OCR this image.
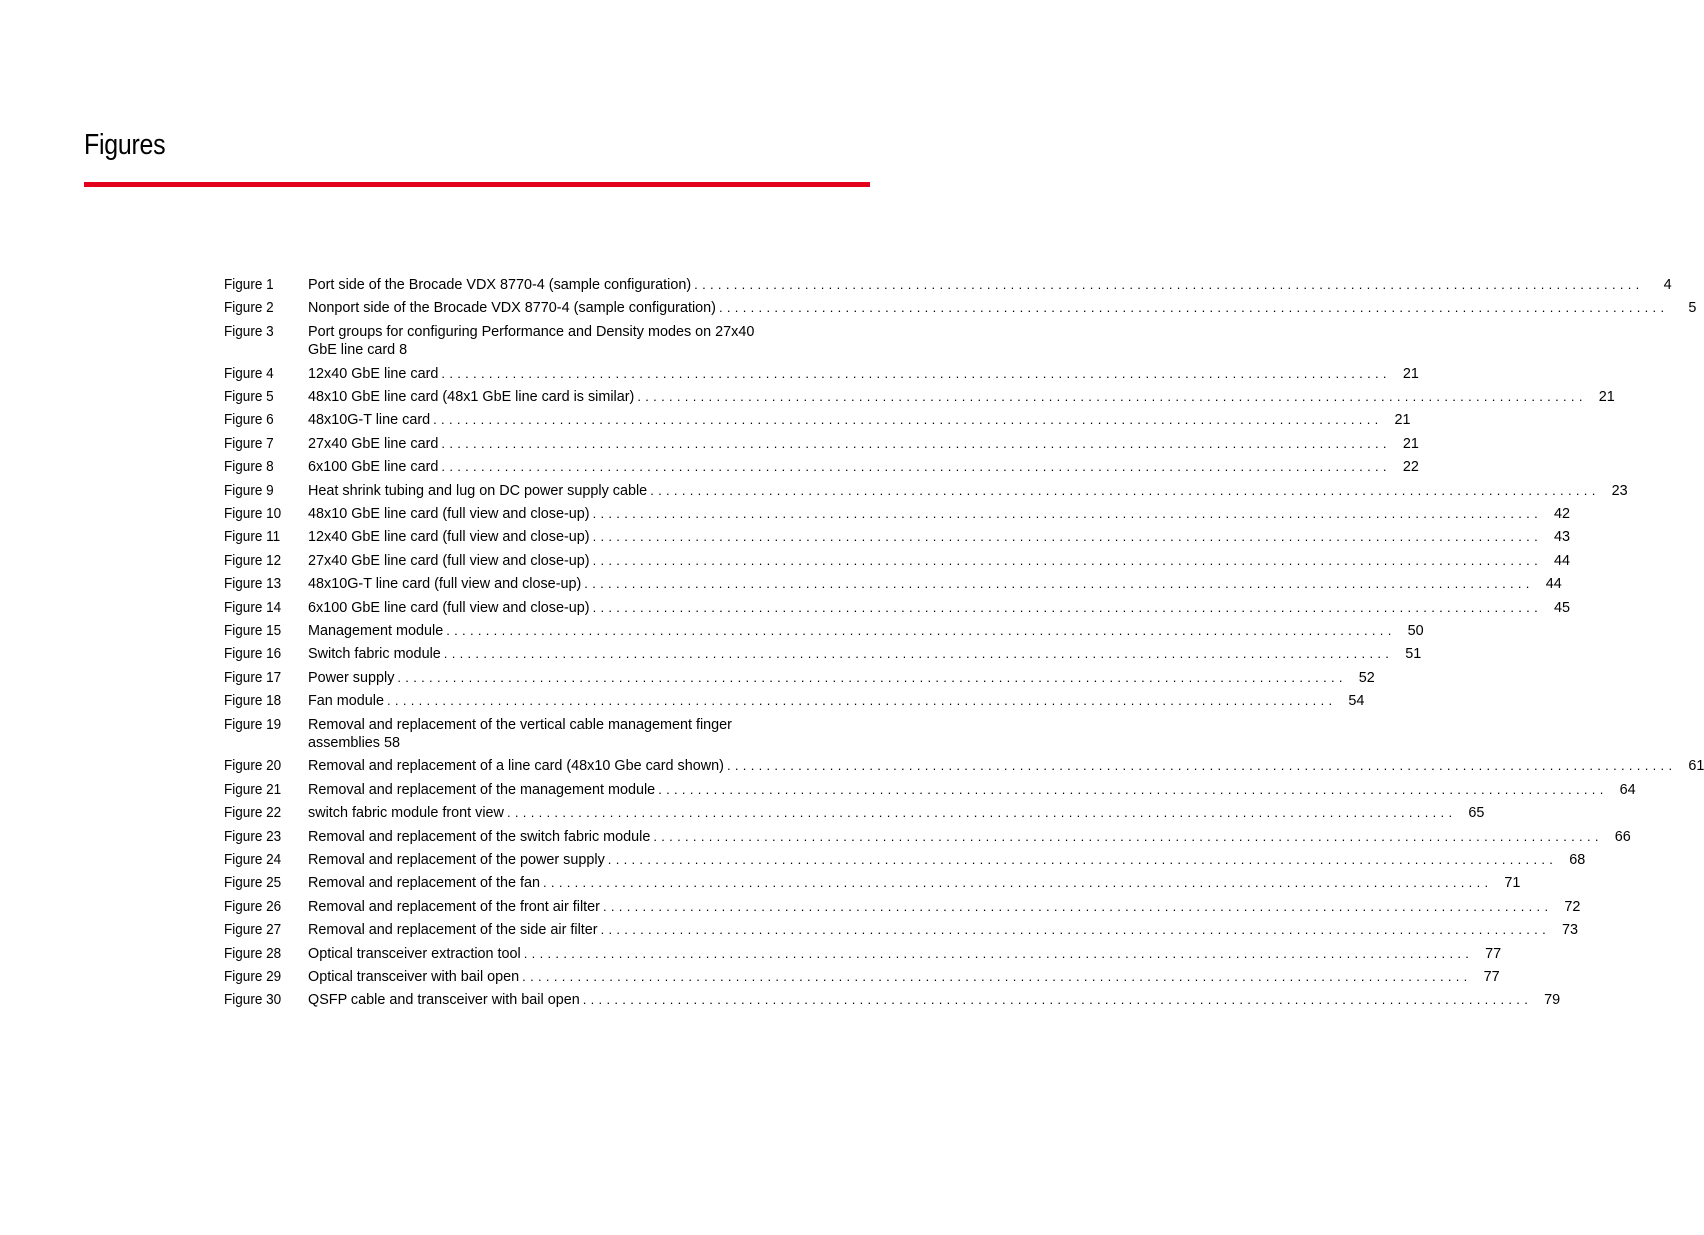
Figures
Figure 1	Port side of the Brocade VDX 8770-4 (sample configuration) ........................................................................................................................	4
Figure 2	Nonport side of the Brocade VDX 8770-4 (sample configuration) ........................................................................................................................	5
Figure 3	Port groups for configuring Performance and Density modes on 27x40 GbE line card 8
Figure 4	12x40 GbE line card ........................................................................................................................ 21
Figure 5	48x10 GbE line card (48x1 GbE line card is similar) ........................................................................................................................ 21
Figure 6	48x10G-T line card ........................................................................................................................ 21
Figure 7	27x40 GbE line card ........................................................................................................................ 21
Figure 8	6x100 GbE line card ........................................................................................................................ 22
Figure 9	Heat shrink tubing and lug on DC power supply cable ........................................................................................................................ 23
Figure 10	48x10 GbE line card (full view and close-up) ........................................................................................................................ 42
Figure 11	12x40 GbE line card (full view and close-up) ........................................................................................................................ 43
Figure 12	27x40 GbE line card (full view and close-up) ........................................................................................................................ 44
Figure 13	48x10G-T line card (full view and close-up) ........................................................................................................................ 44
Figure 14	6x100 GbE line card (full view and close-up) ........................................................................................................................ 45
Figure 15	Management module ........................................................................................................................ 50
Figure 16	Switch fabric module ........................................................................................................................ 51
Figure 17	Power supply ........................................................................................................................ 52
Figure 18	Fan module ........................................................................................................................ 54
Figure 19	Removal and replacement of the vertical cable management finger assemblies 58
Figure 20	Removal and replacement of a line card (48x10 Gbe card shown) ........................................................................................................................ 61
Figure 21	Removal and replacement of the management module ........................................................................................................................ 64
Figure 22	switch fabric module front view ........................................................................................................................ 65
Figure 23	Removal and replacement of the switch fabric module ........................................................................................................................ 66
Figure 24	Removal and replacement of the power supply ........................................................................................................................ 68
Figure 25	Removal and replacement of the fan ........................................................................................................................ 71
Figure 26	Removal and replacement of the front air filter ........................................................................................................................ 72
Figure 27	Removal and replacement of the side air filter ........................................................................................................................ 73
Figure 28	Optical transceiver extraction tool ........................................................................................................................ 77
Figure 29	Optical transceiver with bail open ........................................................................................................................ 77
Figure 30	QSFP cable and transceiver with bail open ........................................................................................................................ 79
